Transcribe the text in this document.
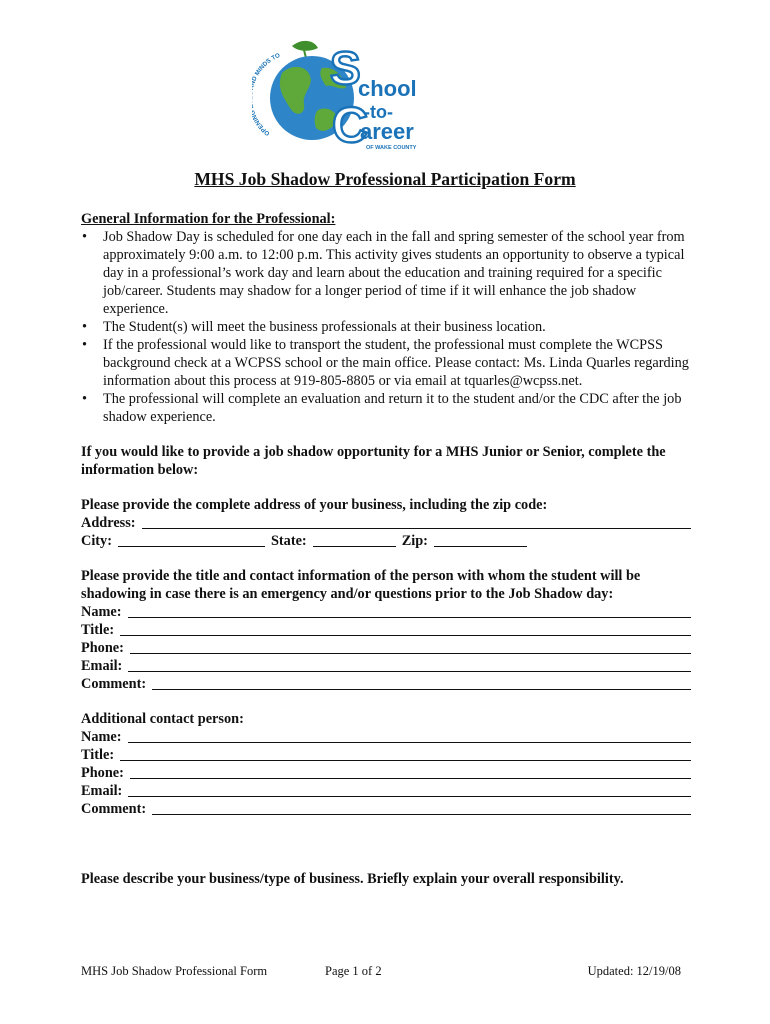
OPENI MINDS TO S
C
chool
-to-
areer
OF WAKE COUNTY
MHS Job Shadow Professional Participation Form
General Information for the Professional:
• Job Shadow Day is scheduled for one day each in the fall and spring semester of the school year from approximately 9:00 a.m. to 12:00 p.m. This activity gives students an opportunity to observe a typical day in a professional’s work day and learn about the education and training required for a specific job/career. Students may shadow for a longer period of time if it will enhance the job shadow experience.
• The Student(s) will meet the business professionals at their business location.
• If the professional would like to transport the student, the professional must complete the WCPSS background check at a WCPSS school or the main office. Please contact: Ms. Linda Quarles regarding information about this process at 919-805-8805 or via email at tquarles@wcpss.net.
• The professional will complete an evaluation and return it to the student and/or the CDC after the job shadow experience.
If you would like to provide a job shadow opportunity for a MHS Junior or Senior, complete the information below:
Please provide the complete address of your business, including the zip code:
Address:
City:	State:	Zip:
Please provide the title and contact information of the person with whom the student will be shadowing in case there is an emergency and/or questions prior to the Job Shadow day:
Name:
Title:
Phone:
Email:
Comment:
Additional contact person:
Name:
Title:
Phone:
Email:
Comment:
Please describe your business/type of business. Briefly explain your overall responsibility.
MHS Job Shadow Professional Form	Page 1 of 2	Updated: 12/19/08
